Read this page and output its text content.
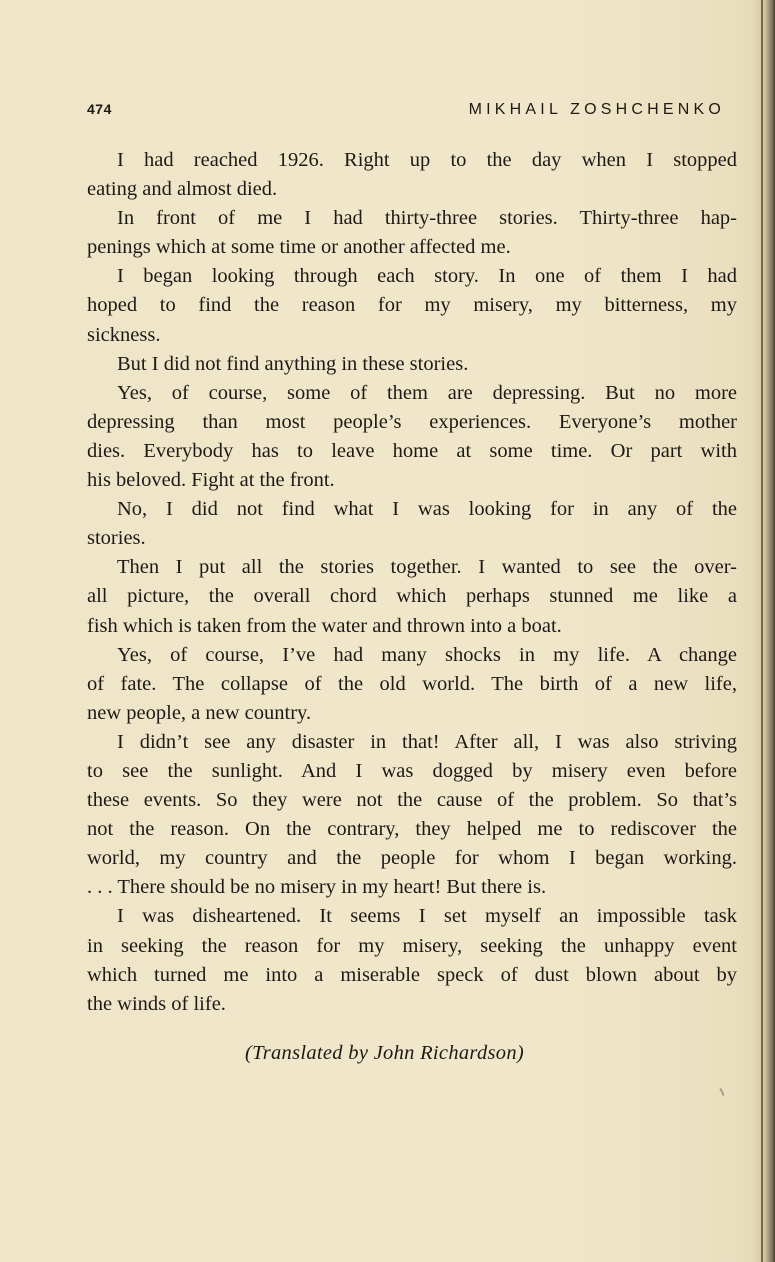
474	MIKHAIL ZOSHCHENKO
I had reached 1926. Right up to the day when I stopped
eating and almost died.
In front of me I had thirty-three stories. Thirty-three hap-
penings which at some time or another affected me.
I began looking through each story. In one of them I had
hoped to find the reason for my misery, my bitterness, my
sickness.
But I did not find anything in these stories.
Yes, of course, some of them are depressing. But no more
depressing than most people’s experiences. Everyone’s mother
dies. Everybody has to leave home at some time. Or part with
his beloved. Fight at the front.
No, I did not find what I was looking for in any of the
stories.
Then I put all the stories together. I wanted to see the over-
all picture, the overall chord which perhaps stunned me like a
fish which is taken from the water and thrown into a boat.
Yes, of course, I’ve had many shocks in my life. A change
of fate. The collapse of the old world. The birth of a new life,
new people, a new country.
I didn’t see any disaster in that! After all, I was also striving
to see the sunlight. And I was dogged by misery even before
these events. So they were not the cause of the problem. So that’s
not the reason. On the contrary, they helped me to rediscover the
world, my country and the people for whom I began working.
. . . There should be no misery in my heart! But there is.
I was disheartened. It seems I set myself an impossible task
in seeking the reason for my misery, seeking the unhappy event
which turned me into a miserable speck of dust blown about by
the winds of life.
(Translated by John Richardson)
